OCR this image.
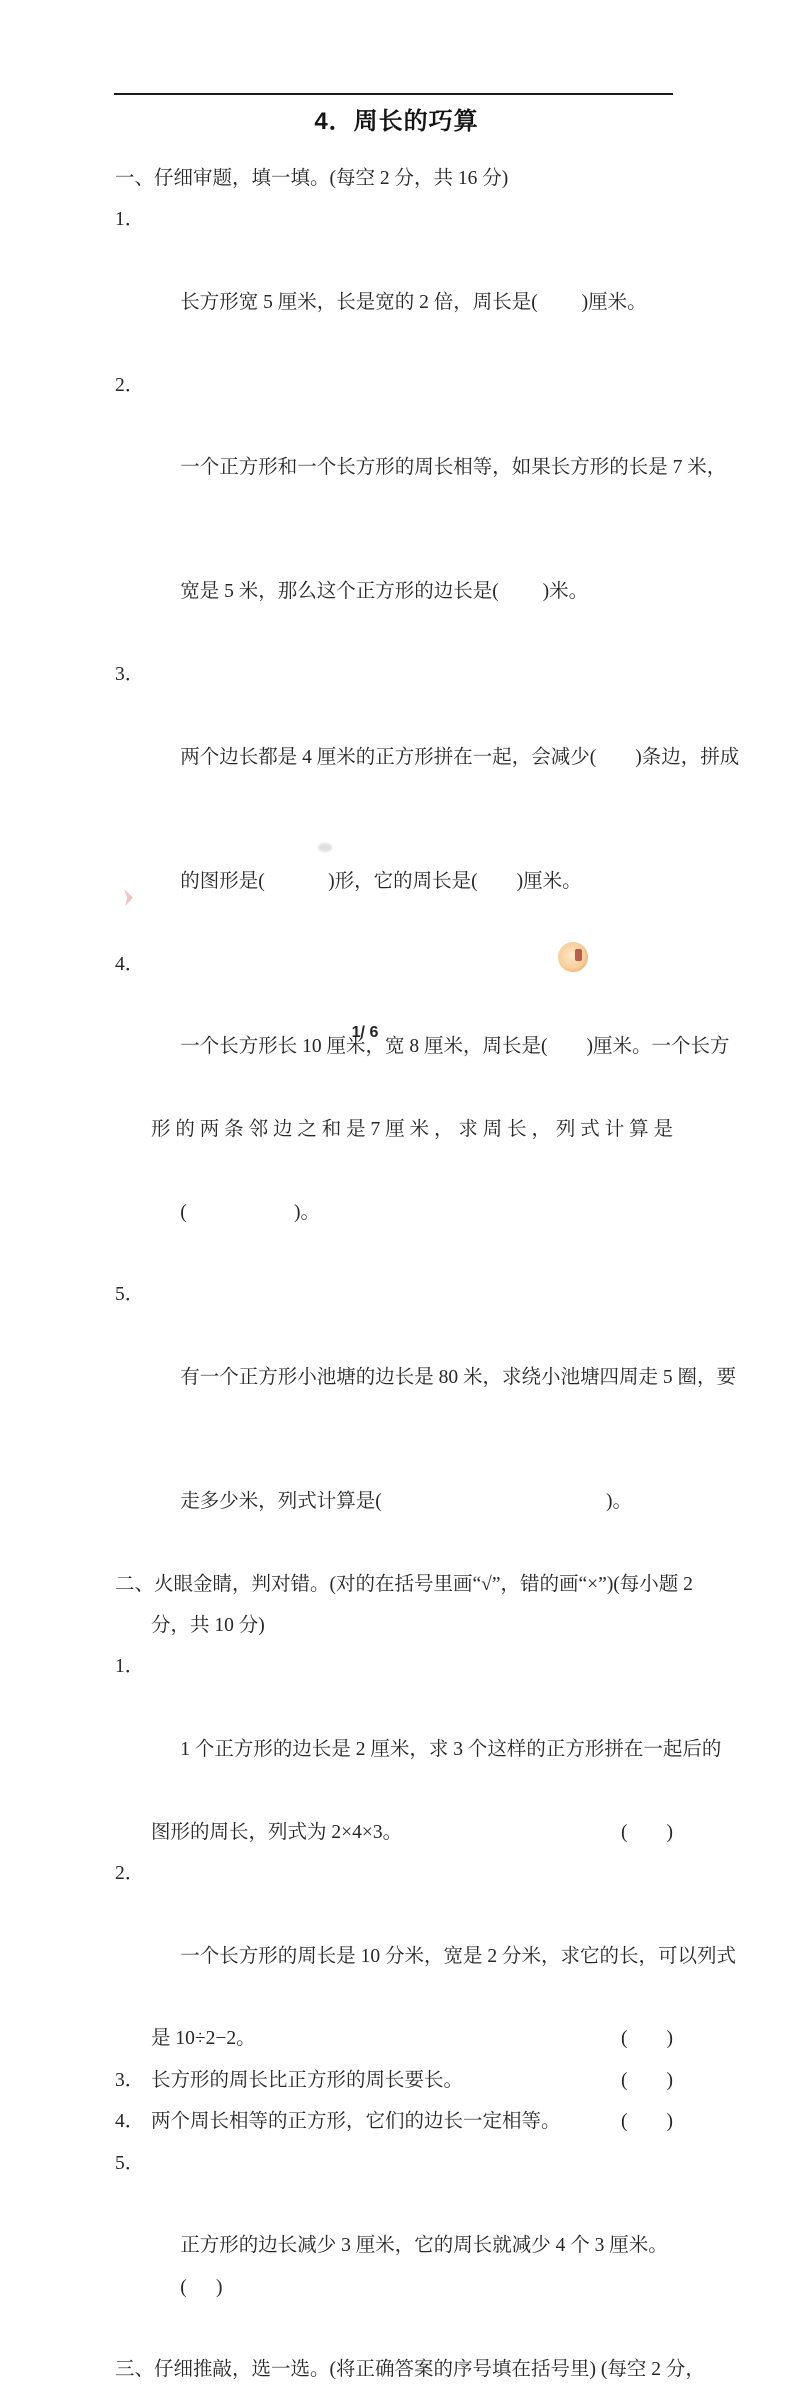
4．周长的巧算
一、仔细审题，填一填。(每空 2 分，共 16 分)

1．

长方形宽 5 厘米，长是宽的 2 倍，周长是(         )厘米。

2．

一个正方形和一个长方形的周长相等，如果长方形的长是 7 米，

宽是 5 米，那么这个正方形的边长是(         )米。

3．

两个边长都是 4 厘米的正方形拼在一起，会减少(        )条边，拼成

的图形是(             )形，它的周长是(        )厘米。

4．

一个长方形长 10 厘米，宽 8 厘米，周长是(        )厘米。一个长方

形 的 两 条 邻 边 之 和 是 7 厘 米 ， 求 周 长 ， 列 式 计 算 是

(                      )。

5．

有一个正方形小池塘的边长是 80 米，求绕小池塘四周走 5 圈，要

走多少米，列式计算是(                                              )。

二、火眼金睛，判对错。(对的在括号里画“√”，错的画“×”)(每小题 2
分，共 10 分)

1．

1 个正方形的边长是 2 厘米，求 3 个这样的正方形拼在一起后的

图形的周长，列式为 2×4×3。	(        )

2．

一个长方形的周长是 10 分米，宽是 2 分米，求它的长，可以列式

是 10÷2−2。	(        )
3． 长方形的周长比正方形的周长要长。	(        )
4． 两个周长相等的正方形，它们的边长一定相等。	(        )

5．

正方形的边长减少 3 厘米，它的周长就减少 4 个 3 厘米。
(      )

三、仔细推敲，选一选。(将正确答案的序号填在括号里) (每空 2 分，
1/ 6
